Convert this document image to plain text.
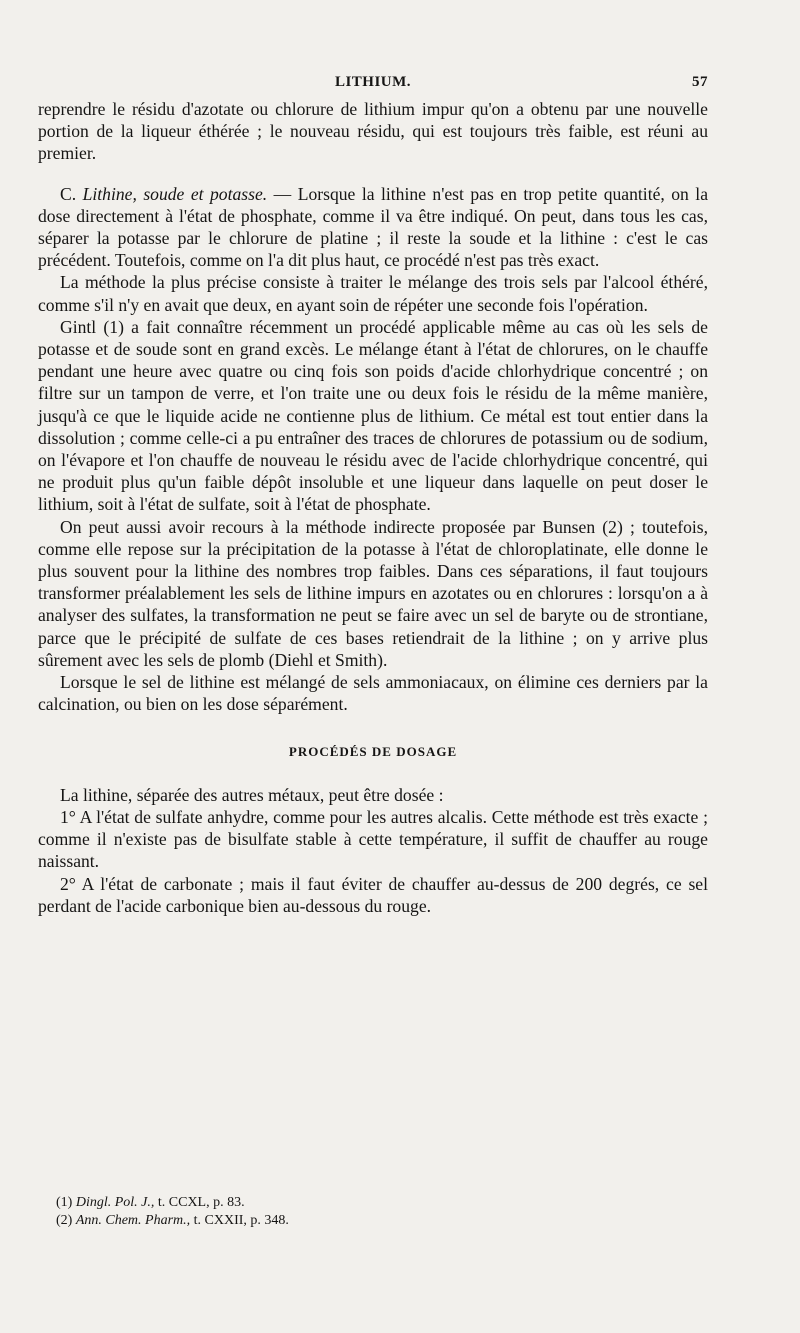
LITHIUM.	57

reprendre le résidu d'azotate ou chlorure de lithium impur qu'on a obtenu par une nouvelle portion de la liqueur éthérée ; le nouveau résidu, qui est toujours très faible, est réuni au premier.

C. Lithine, soude et potasse. — Lorsque la lithine n'est pas en trop petite quantité, on la dose directement à l'état de phosphate, comme il va être indiqué. On peut, dans tous les cas, séparer la potasse par le chlorure de platine ; il reste la soude et la lithine : c'est le cas précédent. Toutefois, comme on l'a dit plus haut, ce procédé n'est pas très exact.

La méthode la plus précise consiste à traiter le mélange des trois sels par l'alcool éthéré, comme s'il n'y en avait que deux, en ayant soin de répéter une seconde fois l'opération.

Gintl (1) a fait connaître récemment un procédé applicable même au cas où les sels de potasse et de soude sont en grand excès. Le mélange étant à l'état de chlorures, on le chauffe pendant une heure avec quatre ou cinq fois son poids d'acide chlorhydrique concentré ; on filtre sur un tampon de verre, et l'on traite une ou deux fois le résidu de la même manière, jusqu'à ce que le liquide acide ne contienne plus de lithium. Ce métal est tout entier dans la dissolution ; comme celle-ci a pu entraîner des traces de chlorures de potassium ou de sodium, on l'évapore et l'on chauffe de nouveau le résidu avec de l'acide chlorhydrique concentré, qui ne produit plus qu'un faible dépôt insoluble et une liqueur dans laquelle on peut doser le lithium, soit à l'état de sulfate, soit à l'état de phosphate.

On peut aussi avoir recours à la méthode indirecte proposée par Bunsen (2) ; toutefois, comme elle repose sur la précipitation de la potasse à l'état de chloroplatinate, elle donne le plus souvent pour la lithine des nombres trop faibles. Dans ces séparations, il faut toujours transformer préalablement les sels de lithine impurs en azotates ou en chlorures : lorsqu'on a à analyser des sulfates, la transformation ne peut se faire avec un sel de baryte ou de strontiane, parce que le précipité de sulfate de ces bases retiendrait de la lithine ; on y arrive plus sûrement avec les sels de plomb (Diehl et Smith).

Lorsque le sel de lithine est mélangé de sels ammoniacaux, on élimine ces derniers par la calcination, ou bien on les dose séparément.

PROCÉDÉS DE DOSAGE

La lithine, séparée des autres métaux, peut être dosée :

1° A l'état de sulfate anhydre, comme pour les autres alcalis. Cette méthode est très exacte ; comme il n'existe pas de bisulfate stable à cette température, il suffit de chauffer au rouge naissant.

2° A l'état de carbonate ; mais il faut éviter de chauffer au-dessus de 200 degrés, ce sel perdant de l'acide carbonique bien au-dessous du rouge.

(1) Dingl. Pol. J., t. CCXL, p. 83.

(2) Ann. Chem. Pharm., t. CXXII, p. 348.
